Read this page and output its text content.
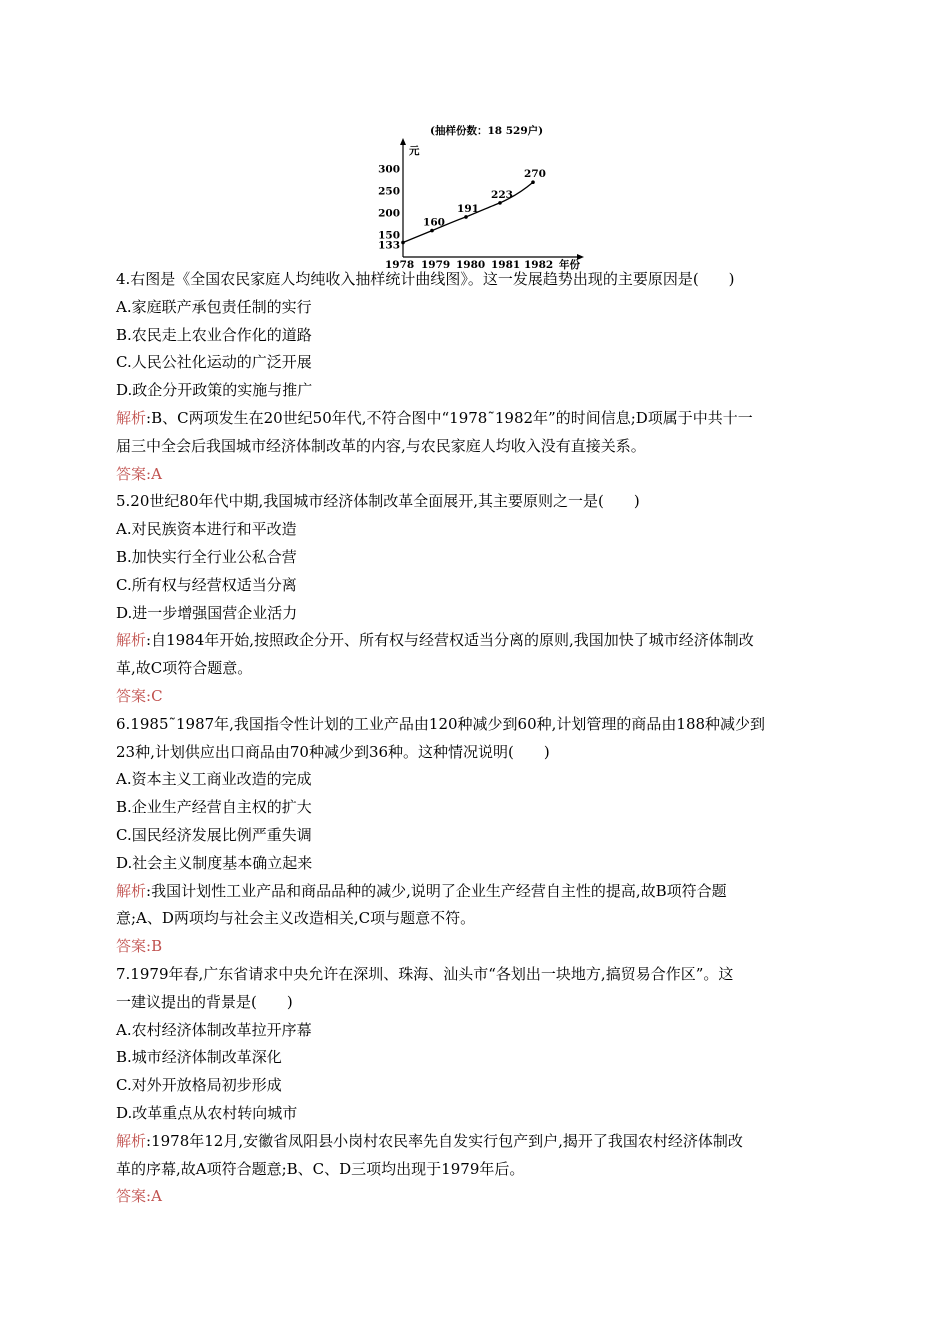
(抽样份数：18 529户)
元
年份
300
250
200
150
133
1978 1979 1980 1981 1982
160
191
223
270
4.右图是《全国农民家庭人均纯收入抽样统计曲线图》。这一发展趋势出现的主要原因是(　　)
A.家庭联产承包责任制的实行
B.农民走上农业合作化的道路
C.人民公社化运动的广泛开展
D.政企分开政策的实施与推广
解析:B、C两项发生在20世纪50年代,不符合图中“1978˜1982年”的时间信息;D项属于中共十一
届三中全会后我国城市经济体制改革的内容,与农民家庭人均收入没有直接关系。
答案:A
5.20世纪80年代中期,我国城市经济体制改革全面展开,其主要原则之一是(　　)
A.对民族资本进行和平改造
B.加快实行全行业公私合营
C.所有权与经营权适当分离
D.进一步增强国营企业活力
解析:自1984年开始,按照政企分开、所有权与经营权适当分离的原则,我国加快了城市经济体制改
革,故C项符合题意。
答案:C
6.1985˜1987年,我国指令性计划的工业产品由120种减少到60种,计划管理的商品由188种减少到
23种,计划供应出口商品由70种减少到36种。这种情况说明(　　)
A.资本主义工商业改造的完成
B.企业生产经营自主权的扩大
C.国民经济发展比例严重失调
D.社会主义制度基本确立起来
解析:我国计划性工业产品和商品品种的减少,说明了企业生产经营自主性的提高,故B项符合题
意;A、D两项均与社会主义改造相关,C项与题意不符。
答案:B
7.1979年春,广东省请求中央允许在深圳、珠海、汕头市“各划出一块地方,搞贸易合作区”。这
一建议提出的背景是(　　)
A.农村经济体制改革拉开序幕
B.城市经济体制改革深化
C.对外开放格局初步形成
D.改革重点从农村转向城市
解析:1978年12月,安徽省凤阳县小岗村农民率先自发实行包产到户,揭开了我国农村经济体制改
革的序幕,故A项符合题意;B、C、D三项均出现于1979年后。
答案:A
